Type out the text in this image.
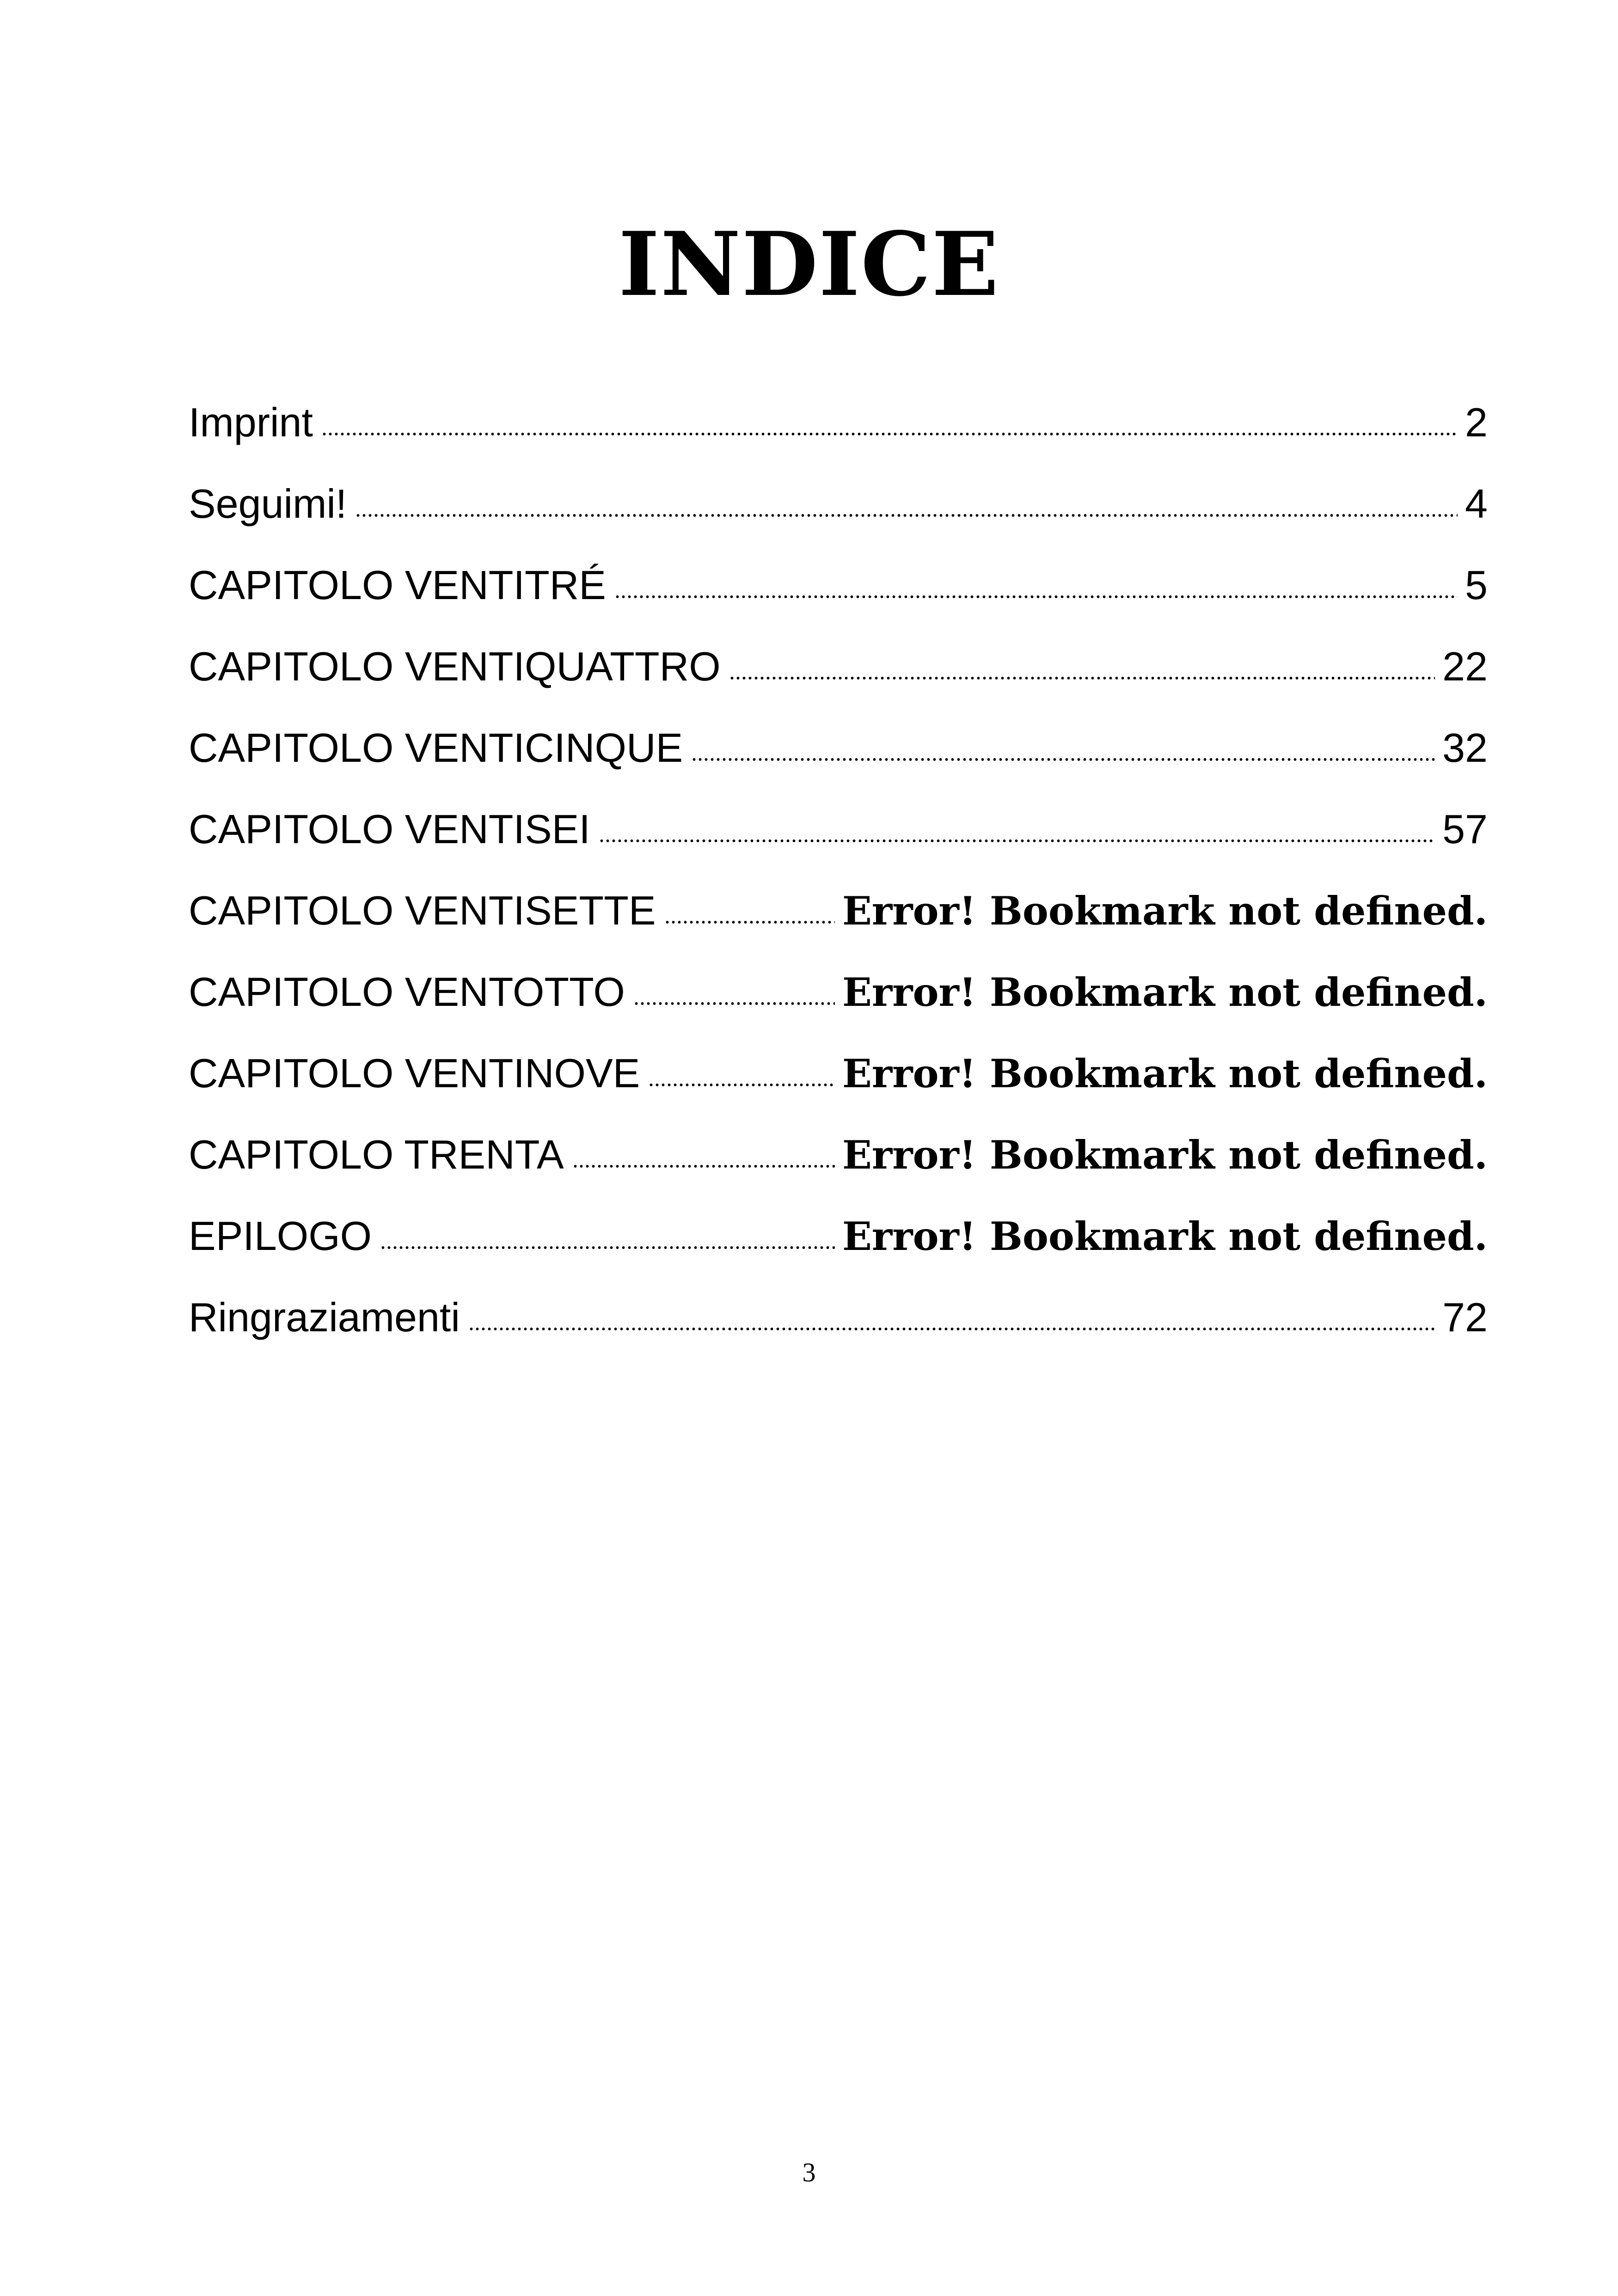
INDICE
Imprint	2
Seguimi!	4
CAPITOLO VENTITRÉ	5
CAPITOLO VENTIQUATTRO	22
CAPITOLO VENTICINQUE	32
CAPITOLO VENTISEI	57
CAPITOLO VENTISETTE	Error! Bookmark not defined.
CAPITOLO VENTOTTO	Error! Bookmark not defined.
CAPITOLO VENTINOVE	Error! Bookmark not defined.
CAPITOLO TRENTA	Error! Bookmark not defined.
EPILOGO	Error! Bookmark not defined.
Ringraziamenti	72
3
